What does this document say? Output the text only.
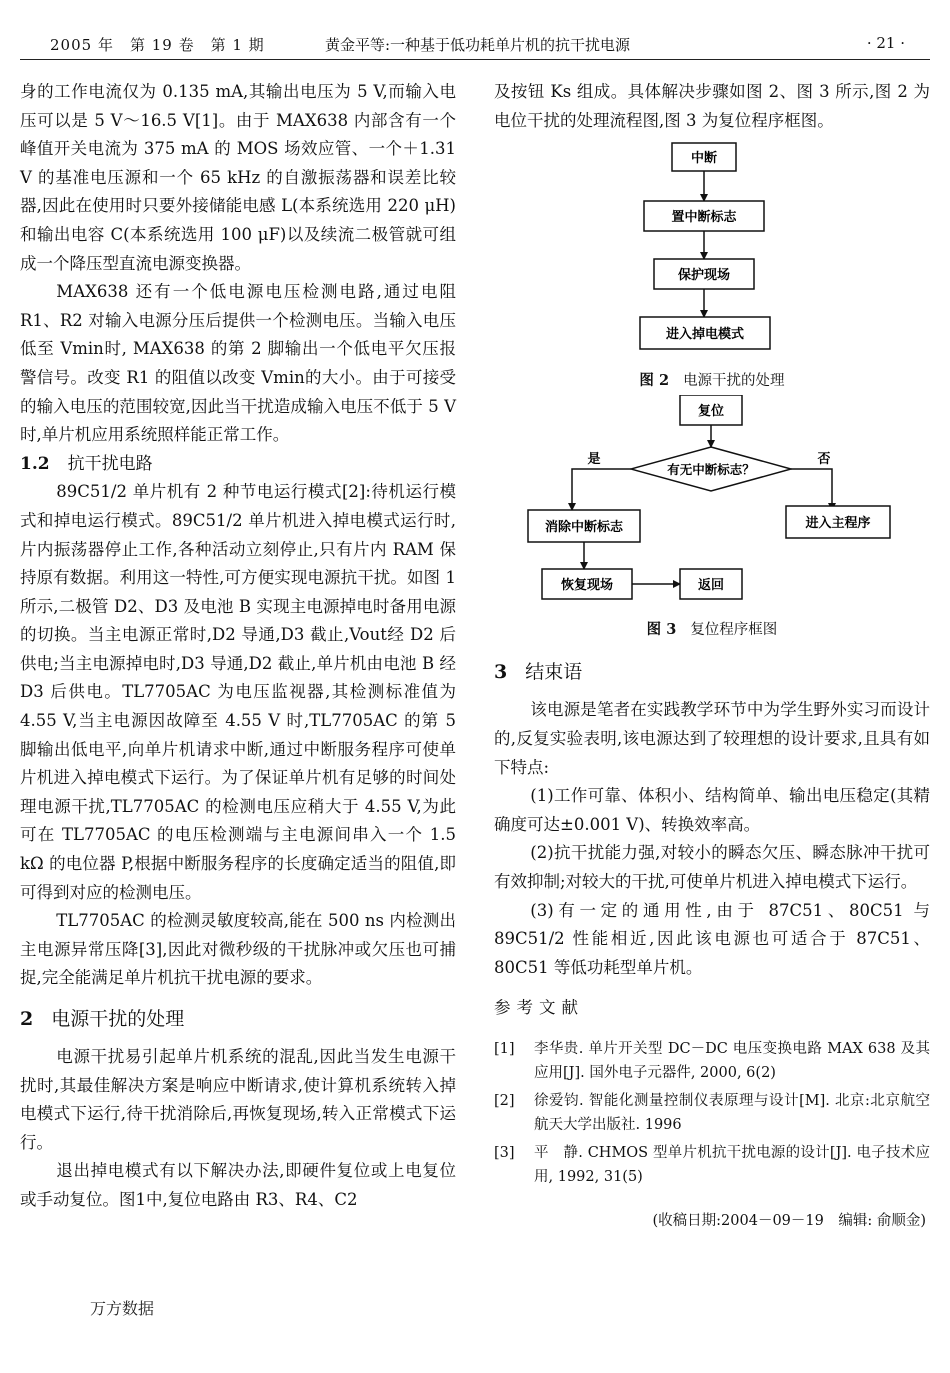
2005 年　第 19 卷　第 1 期	黄金平等:一种基于低功耗单片机的抗干扰电源	· 21 ·

身的工作电流仅为 0.135 mA,其输出电压为 5 V,而输入电压可以是 5 V～16.5 V[1]。由于 MAX638 内部含有一个峰值开关电流为 375 mA 的 MOS 场效应管、一个＋1.31 V 的基准电压源和一个 65 kHz 的自激振荡器和误差比较器,因此在使用时只要外接储能电感 L(本系统选用 220 μH)和输出电容 C(本系统选用 100 μF)以及续流二极管就可组成一个降压型直流电源变换器。

MAX638 还有一个低电源电压检测电路,通过电阻 R1、R2 对输入电源分压后提供一个检测电压。当输入电压低至 Vmin时, MAX638 的第 2 脚输出一个低电平欠压报警信号。改变 R1 的阻值以改变 Vmin的大小。由于可接受的输入电压的范围较宽,因此当干扰造成输入电压不低于 5 V 时,单片机应用系统照样能正常工作。

1.2 抗干扰电路

89C51/2 单片机有 2 种节电运行模式[2]:待机运行模式和掉电运行模式。89C51/2 单片机进入掉电模式运行时,片内振荡器停止工作,各种活动立刻停止,只有片内 RAM 保持原有数据。利用这一特性,可方便实现电源抗干扰。如图 1 所示,二极管 D2、D3 及电池 B 实现主电源掉电时备用电源的切换。当主电源正常时,D2 导通,D3 截止,Vout经 D2 后供电;当主电源掉电时,D3 导通,D2 截止,单片机由电池 B 经 D3 后供电。TL7705AC 为电压监视器,其检测标准值为 4.55 V,当主电源因故障至 4.55 V 时,TL7705AC 的第 5 脚输出低电平,向单片机请求中断,通过中断服务程序可使单片机进入掉电模式下运行。为了保证单片机有足够的时间处理电源干扰,TL7705AC 的检测电压应稍大于 4.55 V,为此可在 TL7705AC 的电压检测端与主电源间串入一个 1.5 kΩ 的电位器 P,根据中断服务程序的长度确定适当的阻值,即可得到对应的检测电压。

TL7705AC 的检测灵敏度较高,能在 500 ns 内检测出主电源异常压降[3],因此对微秒级的干扰脉冲或欠压也可捕捉,完全能满足单片机抗干扰电源的要求。

2 电源干扰的处理

电源干扰易引起单片机系统的混乱,因此当发生电源干扰时,其最佳解决方案是响应中断请求,使计算机系统转入掉电模式下运行,待干扰消除后,再恢复现场,转入正常模式下运行。

退出掉电模式有以下解决办法,即硬件复位或上电复位或手动复位。图1中,复位电路由 R3、R4、C2

及按钮 Ks 组成。具体解决步骤如图 2、图 3 所示,图 2 为电位干扰的处理流程图,图 3 为复位程序框图。

中断
置中断标志
保护现场
进入掉电模式

图 2 电源干扰的处理

复位
有无中断标志？
是	否
消除中断标志	进入主程序
恢复现场	返回

图 3 复位程序框图

3 结束语

该电源是笔者在实践教学环节中为学生野外实习而设计的,反复实验表明,该电源达到了较理想的设计要求,且具有如下特点:

(1)工作可靠、体积小、结构简单、输出电压稳定(其精确度可达±0.001 V)、转换效率高。

(2)抗干扰能力强,对较小的瞬态欠压、瞬态脉冲干扰可有效抑制;对较大的干扰,可使单片机进入掉电模式下运行。

(3)有一定的通用性,由于 87C51、80C51 与 89C51/2 性能相近,因此该电源也可适合于 87C51、80C51 等低功耗型单片机。

参考文献
[1]	李华贵. 单片开关型 DC－DC 电压变换电路 MAX 638 及其应用[J]. 国外电子元器件, 2000, 6(2)
[2]	徐爱钧. 智能化测量控制仪表原理与设计[M]. 北京:北京航空航天大学出版社. 1996
[3]	平　静. CHMOS 型单片机抗干扰电源的设计[J]. 电子技术应用, 1992, 31(5)
(收稿日期:2004－09－19　编辑: 俞顺金)
万方数据
